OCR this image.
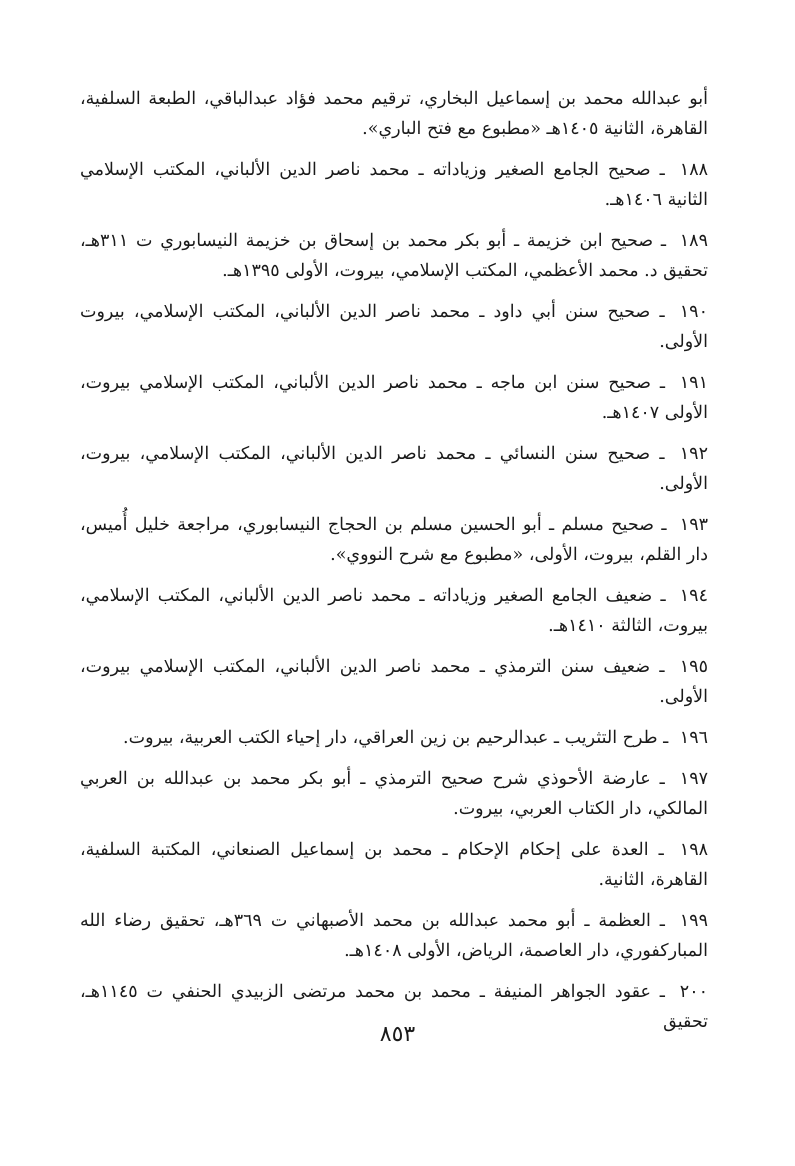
أبو عبدالله محمد بن إسماعيل البخاري، ترقيم محمد فؤاد عبدالباقي، الطبعة السلفية، القاهرة، الثانية ١٤٠٥هـ «مطبوع مع فتح الباري».

١٨٨ ـ صحيح الجامع الصغير وزياداته ـ محمد ناصر الدين الألباني، المكتب الإسلامي الثانية ١٤٠٦هـ.

١٨٩ ـ صحيح ابن خزيمة ـ أبو بكر محمد بن إسحاق بن خزيمة النيسابوري ت ٣١١هـ، تحقيق د. محمد الأعظمي، المكتب الإسلامي، بيروت، الأولى ١٣٩٥هـ.

١٩٠ ـ صحيح سنن أبي داود ـ محمد ناصر الدين الألباني، المكتب الإسلامي، بيروت الأولى.

١٩١ ـ صحيح سنن ابن ماجه ـ محمد ناصر الدين الألباني، المكتب الإسلامي بيروت، الأولى ١٤٠٧هـ.

١٩٢ ـ صحيح سنن النسائي ـ محمد ناصر الدين الألباني، المكتب الإسلامي، بيروت، الأولى.

١٩٣ ـ صحيح مسلم ـ أبو الحسين مسلم بن الحجاج النيسابوري، مراجعة خليل أُميس، دار القلم، بيروت، الأولى، «مطبوع مع شرح النووي».

١٩٤ ـ ضعيف الجامع الصغير وزياداته ـ محمد ناصر الدين الألباني، المكتب الإسلامي، بيروت، الثالثة ١٤١٠هـ.

١٩٥ ـ ضعيف سنن الترمذي ـ محمد ناصر الدين الألباني، المكتب الإسلامي بيروت، الأولى.

١٩٦ ـ طرح التثريب ـ عبدالرحيم بن زين العراقي، دار إحياء الكتب العربية، بيروت.

١٩٧ ـ عارضة الأحوذي شرح صحيح الترمذي ـ أبو بكر محمد بن عبدالله بن العربي المالكي، دار الكتاب العربي، بيروت.

١٩٨ ـ العدة على إحكام الإحكام ـ محمد بن إسماعيل الصنعاني، المكتبة السلفية، القاهرة، الثانية.

١٩٩ ـ العظمة ـ أبو محمد عبدالله بن محمد الأصبهاني ت ٣٦٩هـ، تحقيق رضاء الله المباركفوري، دار العاصمة، الرياض، الأولى ١٤٠٨هـ.

٢٠٠ ـ عقود الجواهر المنيفة ـ محمد بن محمد مرتضى الزبيدي الحنفي ت ١١٤٥هـ، تحقيق

٨٥٣
